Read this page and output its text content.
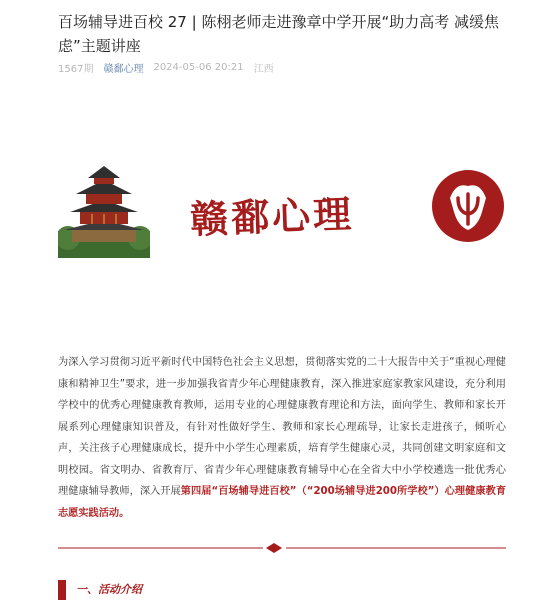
百场辅导进百校 27 | 陈栩老师走进豫章中学开展“助力高考 减缓焦虑”主题讲座
1567期 赣鄱心理 2024-05-06 20:21 江西
赣鄱心理

为深入学习贯彻习近平新时代中国特色社会主义思想，贯彻落实党的二十大报告中关于“重视心理健康和精神卫生”要求，进一步加强我省青少年心理健康教育，深入推进家庭家教家风建设，充分利用学校中的优秀心理健康教育教师，运用专业的心理健康教育理论和方法，面向学生、教师和家长开展系列心理健康知识普及，有针对性做好学生、教师和家长心理疏导，让家长走进孩子，倾听心声，关注孩子心理健康成长，提升中小学生心理素质，培育学生健康心灵，共同创建文明家庭和文明校园。省文明办、省教育厅、省青少年心理健康教育辅导中心在全省大中小学校遴选一批优秀心理健康辅导教师，深入开展第四届“百场辅导进百校”（“200场辅导进200所学校”）心理健康教育志愿实践活动。

一、活动介绍
